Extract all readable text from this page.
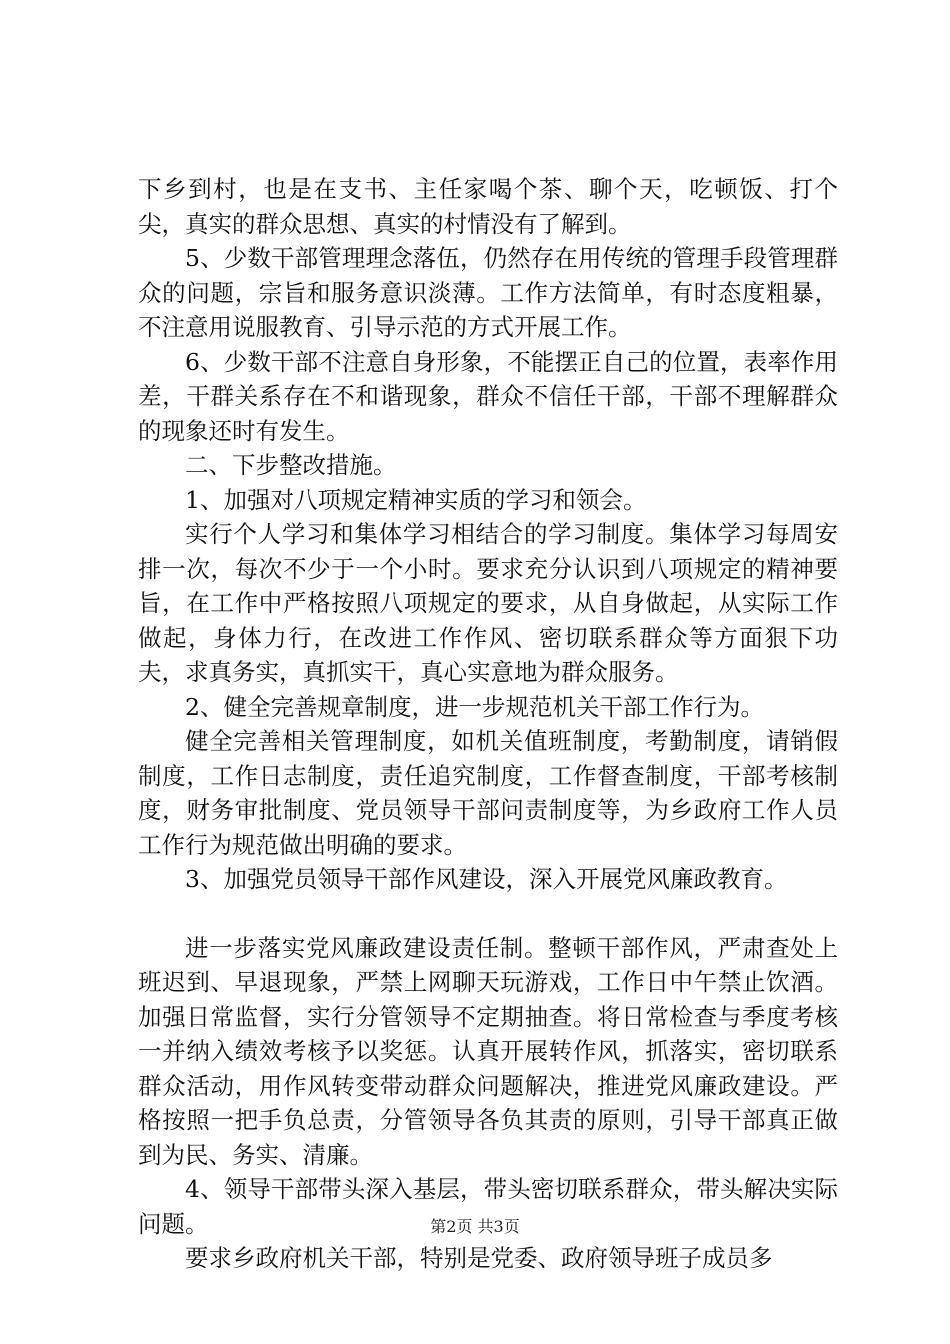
下乡到村，也是在支书、主任家喝个茶、聊个天，吃顿饭、打个尖，真实的群众思想、真实的村情没有了解到。

5、少数干部管理理念落伍，仍然存在用传统的管理手段管理群众的问题，宗旨和服务意识淡薄。工作方法简单，有时态度粗暴，不注意用说服教育、引导示范的方式开展工作。

6、少数干部不注意自身形象，不能摆正自己的位置，表率作用差，干群关系存在不和谐现象，群众不信任干部，干部不理解群众的现象还时有发生。

二、下步整改措施。

1、加强对八项规定精神实质的学习和领会。

实行个人学习和集体学习相结合的学习制度。集体学习每周安排一次，每次不少于一个小时。要求充分认识到八项规定的精神要旨，在工作中严格按照八项规定的要求，从自身做起，从实际工作做起，身体力行，在改进工作作风、密切联系群众等方面狠下功夫，求真务实，真抓实干，真心实意地为群众服务。

2、健全完善规章制度，进一步规范机关干部工作行为。

健全完善相关管理制度，如机关值班制度，考勤制度，请销假制度，工作日志制度，责任追究制度，工作督查制度，干部考核制度，财务审批制度、党员领导干部问责制度等，为乡政府工作人员工作行为规范做出明确的要求。

3、加强党员领导干部作风建设，深入开展党风廉政教育。

进一步落实党风廉政建设责任制。整顿干部作风，严肃查处上班迟到、早退现象，严禁上网聊天玩游戏，工作日中午禁止饮酒。加强日常监督，实行分管领导不定期抽查。将日常检查与季度考核一并纳入绩效考核予以奖惩。认真开展转作风，抓落实，密切联系群众活动，用作风转变带动群众问题解决，推进党风廉政建设。严格按照一把手负总责，分管领导各负其责的原则，引导干部真正做到为民、务实、清廉。

4、领导干部带头深入基层，带头密切联系群众，带头解决实际问题。

要求乡政府机关干部，特别是党委、政府领导班子成员多

第2页 共3页
